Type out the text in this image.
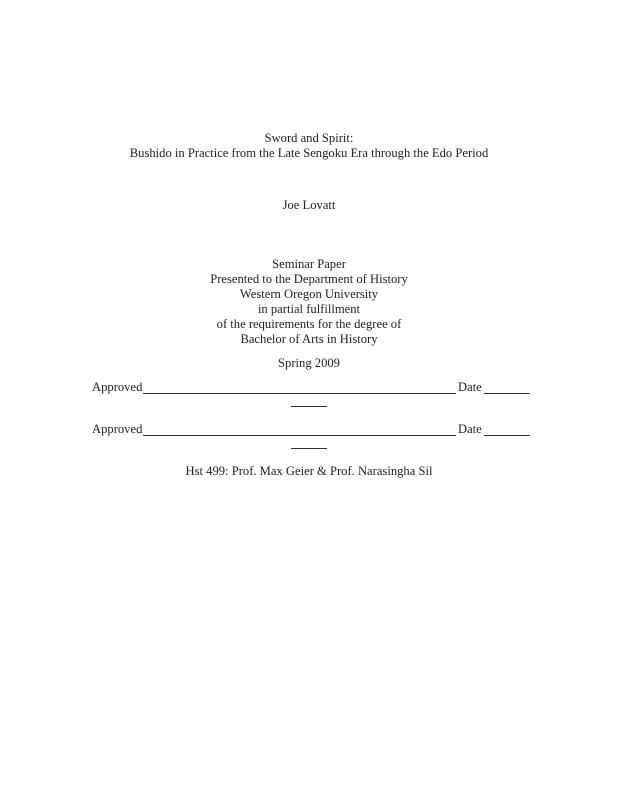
Sword and Spirit:
Bushido in Practice from the Late Sengoku Era through the Edo Period
Joe Lovatt
Seminar Paper
Presented to the Department of History
Western Oregon University
in partial fulfillment
of the requirements for the degree of
Bachelor of Arts in History
Spring 2009
Approved	Date
Approved	Date
Hst 499: Prof. Max Geier & Prof. Narasingha Sil
